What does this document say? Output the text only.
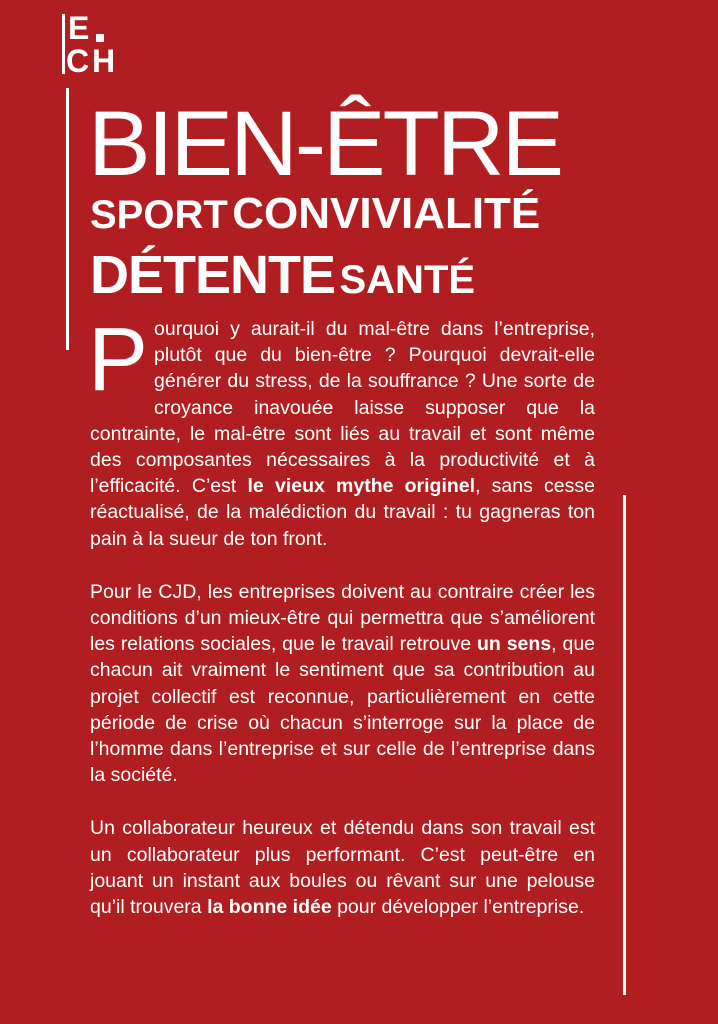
E
C H
BIEN-ÊTRE
SPORT CONVIVIALITÉ
DÉTENTE SANTÉ

Pourquoi y aurait-il du mal-être dans l’entreprise, plutôt que du bien-être ? Pourquoi devrait-elle générer du stress, de la souffrance ? Une sorte de croyance inavouée laisse supposer que la contrainte, le mal-être sont liés au travail et sont même des composantes nécessaires à la productivité et à l’efficacité. C’est le vieux mythe originel, sans cesse réactualisé, de la malédiction du travail : tu gagneras ton pain à la sueur de ton front.

Pour le CJD, les entreprises doivent au contraire créer les conditions d’un mieux-être qui permettra que s’améliorent les relations sociales, que le travail retrouve un sens, que chacun ait vraiment le sentiment que sa contribution au projet collectif est reconnue, particulièrement en cette période de crise où chacun s’interroge sur la place de l’homme dans l’entreprise et sur celle de l’entreprise dans la société.

Un collaborateur heureux et détendu dans son travail est un collaborateur plus performant. C’est peut-être en jouant un instant aux boules ou rêvant sur une pelouse qu’il trouvera la bonne idée pour développer l’entreprise.
